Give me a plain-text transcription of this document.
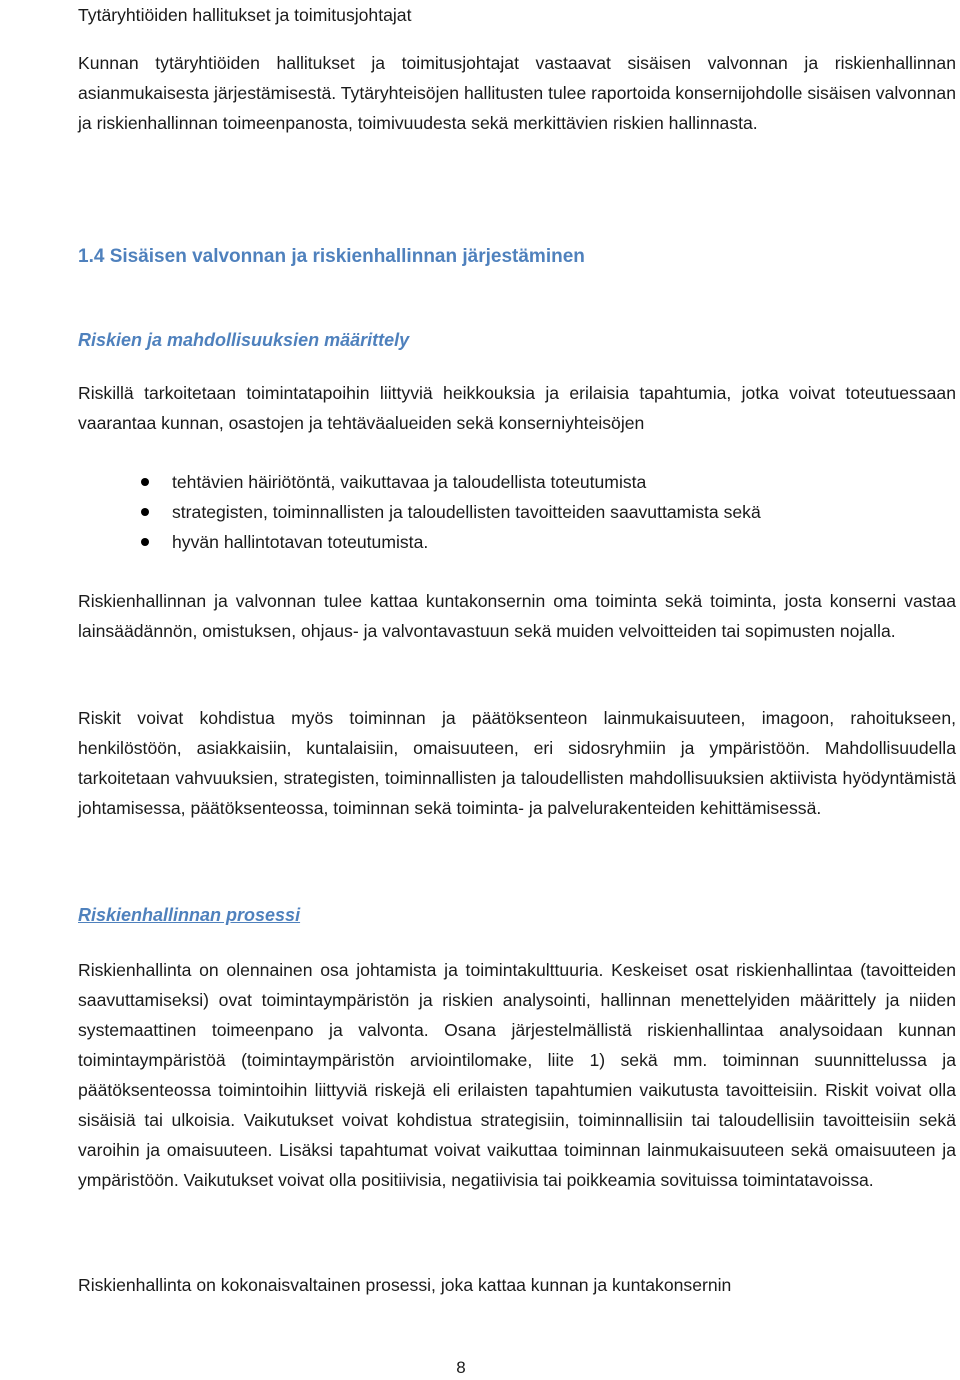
Tytäryhtiöiden hallitukset ja toimitusjohtajat

Kunnan tytäryhtiöiden hallitukset ja toimitusjohtajat vastaavat sisäisen valvonnan ja riskienhallinnan asianmukaisesta järjestämisestä. Tytäryhteisöjen hallitusten tulee raportoida konsernijohdolle sisäisen valvonnan ja riskienhallinnan toimeenpanosta, toimivuudesta sekä merkittävien riskien hallinnasta.

1.4 Sisäisen valvonnan ja riskienhallinnan järjestäminen
Riskien ja mahdollisuuksien määrittely

Riskillä tarkoitetaan toimintatapoihin liittyviä heikkouksia ja erilaisia tapahtumia, jotka voivat toteutuessaan vaarantaa kunnan, osastojen ja tehtäväalueiden sekä konserniyhteisöjen

tehtävien häiriötöntä, vaikuttavaa ja taloudellista toteutumista
strategisten, toiminnallisten ja taloudellisten tavoitteiden saavuttamista sekä
hyvän hallintotavan toteutumista.

Riskienhallinnan ja valvonnan tulee kattaa kuntakonsernin oma toiminta sekä toiminta, josta konserni vastaa lainsäädännön, omistuksen, ohjaus- ja valvontavastuun sekä muiden velvoitteiden tai sopimusten nojalla.

Riskit voivat kohdistua myös toiminnan ja päätöksenteon lainmukaisuuteen, imagoon, rahoitukseen, henkilöstöön, asiakkaisiin, kuntalaisiin, omaisuuteen, eri sidosryhmiin ja ympäristöön. Mahdollisuudella tarkoitetaan vahvuuksien, strategisten, toiminnallisten ja taloudellisten mahdollisuuksien aktiivista hyödyntämistä johtamisessa, päätöksenteossa, toiminnan sekä toiminta- ja palvelurakenteiden kehittämisessä.

Riskienhallinnan prosessi

Riskienhallinta on olennainen osa johtamista ja toimintakulttuuria. Keskeiset osat riskienhallintaa (tavoitteiden saavuttamiseksi) ovat toimintaympäristön ja riskien analysointi, hallinnan menettelyiden määrittely ja niiden systemaattinen toimeenpano ja valvonta. Osana järjestelmällistä riskienhallintaa analysoidaan kunnan toimintaympäristöä (toimintaympäristön arviointilomake, liite 1) sekä mm. toiminnan suunnittelussa ja päätöksenteossa toimintoihin liittyviä riskejä eli erilaisten tapahtumien vaikutusta tavoitteisiin. Riskit voivat olla sisäisiä tai ulkoisia. Vaikutukset voivat kohdistua strategisiin, toiminnallisiin tai taloudellisiin tavoitteisiin sekä varoihin ja omaisuuteen. Lisäksi tapahtumat voivat vaikuttaa toiminnan lainmukaisuuteen sekä omaisuuteen ja ympäristöön. Vaikutukset voivat olla positiivisia, negatiivisia tai poikkeamia sovituissa toimintatavoissa.

Riskienhallinta on kokonaisvaltainen prosessi, joka kattaa kunnan ja kuntakonsernin

8
